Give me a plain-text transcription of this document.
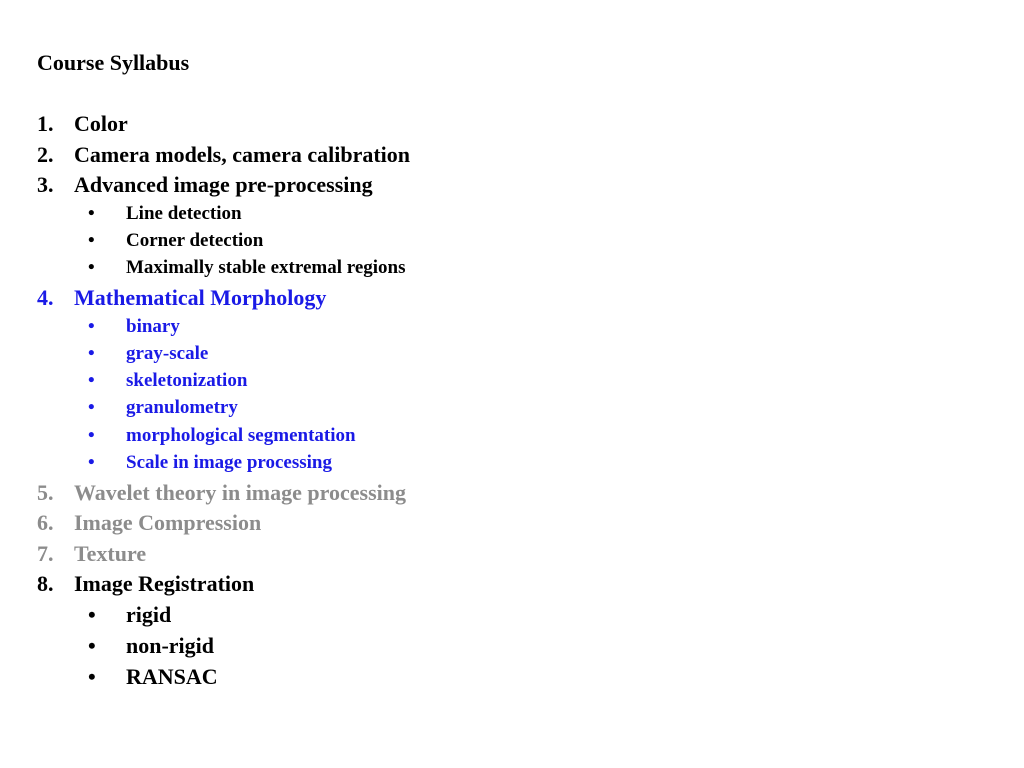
Course Syllabus
1. Color
2. Camera models, camera calibration
3. Advanced image pre-processing
• Line detection
• Corner detection
• Maximally stable extremal regions
4. Mathematical Morphology
• binary
• gray-scale
• skeletonization
• granulometry
• morphological segmentation
• Scale in image processing
5. Wavelet theory in image processing
6. Image Compression
7. Texture
8. Image Registration
• rigid
• non-rigid
• RANSAC
